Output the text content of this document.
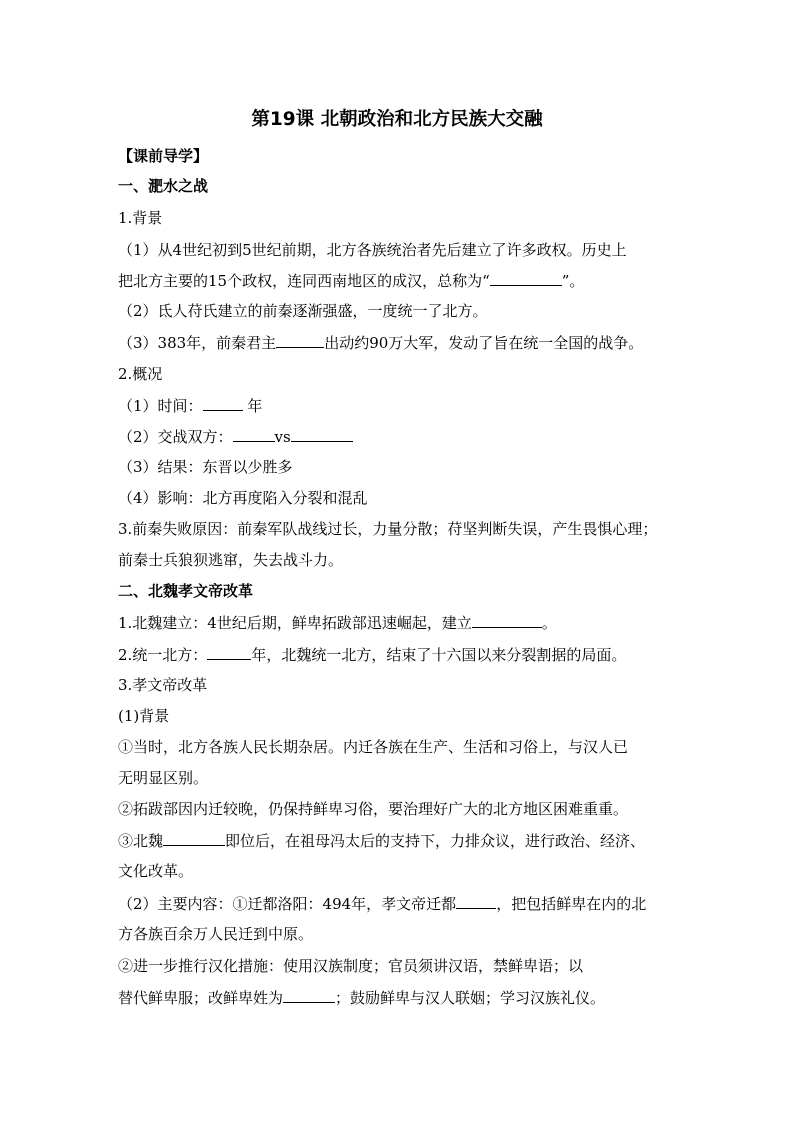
第19课 北朝政治和北方民族大交融
【课前导学】
一、淝水之战
1.背景
（1）从4世纪初到5世纪前期，北方各族统治者先后建立了许多政权。历史上
把北方主要的15个政权，连同西南地区的成汉，总称为“	”。
（2）氐人苻氏建立的前秦逐渐强盛，一度统一了北方。
（3）383年，前秦君主	出动约90万大军，发动了旨在统一全国的战争。
2.概况
（1）时间：	年
（2）交战双方：	vs
（3）结果：东晋以少胜多
（4）影响：北方再度陷入分裂和混乱
3.前秦失败原因：前秦军队战线过长，力量分散；苻坚判断失误，产生畏惧心理；
前秦士兵狼狈逃窜，失去战斗力。
二、北魏孝文帝改革
1.北魏建立：4世纪后期，鲜卑拓跋部迅速崛起，建立	。
2.统一北方：	年，北魏统一北方，结束了十六国以来分裂割据的局面。
3.孝文帝改革
(1)背景
①当时，北方各族人民长期杂居。内迁各族在生产、生活和习俗上，与汉人已
无明显区别。
②拓跋部因内迁较晚，仍保持鲜卑习俗，要治理好广大的北方地区困难重重。
③北魏	即位后，在祖母冯太后的支持下，力排众议，进行政治、经济、
文化改革。
（2）主要内容：①迁都洛阳：494年，孝文帝迁都	，把包括鲜卑在内的北
方各族百余万人民迁到中原。
②进一步推行汉化措施：使用汉族制度；官员须讲汉语，禁鲜卑语；以
替代鲜卑服；改鲜卑姓为	；鼓励鲜卑与汉人联姻；学习汉族礼仪。
